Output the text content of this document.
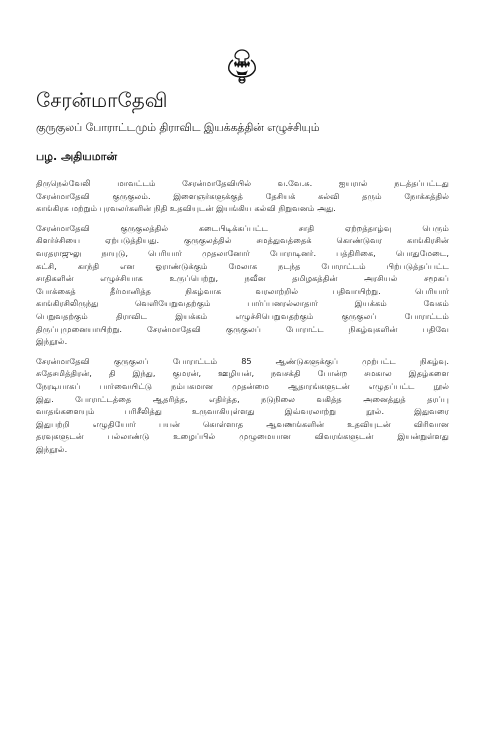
சேரன்மாதேவி

குருகுலப் போராட்டமும் திராவிட இயக்கத்தின் எழுச்சியும்

பழ. அதியமான்

திருநெல்வேலி மாவட்டம் சேரன்மாதேவியில் வ.வே.சு. ஐயரால் நடத்தப்பட்டது
சேரன்மாதேவி குருகுலம். இளைஞர்களுக்குத் தேசியக் கல்வி தரும் நோக்கத்தில்
காங்கிரசு மற்றும் புரவலர்களின் நிதி உதவியுடன் இயங்கிய கல்வி நிறுவனம் அது.

சேரன்மாதேவி குருகுலத்தில் கடைபிடிக்கப்பட்ட சாதி ஏற்றத்தாழ்வு பெரும்
கிளர்ச்சியை ஏற்படுத்தியது. குருகுலத்தில் சமத்துவத்தைக் கொண்டுவர காங்கிரசின்
வரதராஜுலு நாயுடு, பெரியார் முதலானோர் போராடினர். பத்திரிகை, பொதுமேடை,
கட்சி, காந்தி என ஓராண்டுக்கும் மேலாக நடந்த போராட்டம் பிற்படுத்தப்பட்ட
சாதிகளின் எழுச்சியாக உருப்பெற்று, நவீன தமிழகத்தின் அரசியல் சமூகப்
போக்கைத் தீர்மானித்த நிகழ்வாக வரலாற்றில் பதிவாயிற்று. பெரியார்
காங்கிரசிலிருந்து வெளியேறுவதற்கும் பார்ப்பனரல்லாதார் இயக்கம் வேகம்
பெறுவதற்கும் திராவிட இயக்கம் எழுச்சிபெறுவதற்கும் குருகுலப் போராட்டம்
திருப்புமுனையாயிற்று. சேரன்மாதேவி குருகுலப் போராட்ட நிகழ்வுகளின் பதிவே
இந்நூல்.

சேரன்மாதேவி குருகுலப் போராட்டம் 85 ஆண்டுகளுக்குப் முற்பட்ட நிகழ்வு.
சுதேசமித்திரன், தி இந்து, குமரன், ஊழியன், நவசக்தி போன்ற சமகால இதழ்களை
நேரடியாகப் பார்வையிட்டு நம்பகமான முதன்மை ஆதாரங்களுடன் எழுதப்பட்ட நூல்
இது. போராட்டத்தை ஆதரித்த, எதிர்த்த, நடுநிலை வகித்த அனைத்துத் தரப்பு
வாதங்களையும் பரிசீலித்து உருவாகியுள்ளது இவ்வரலாற்று நூல். இதுவரை
இதுபற்றி எழுதியோர் பயன் கொள்ளாத ஆவணங்களின் உதவியுடன் விரிவான
தரவுகளுடன் பல்லாண்டு உழைப்பில் முழுமையான விவரங்களுடன் இயன்றுள்ளது
இந்நூல்.
